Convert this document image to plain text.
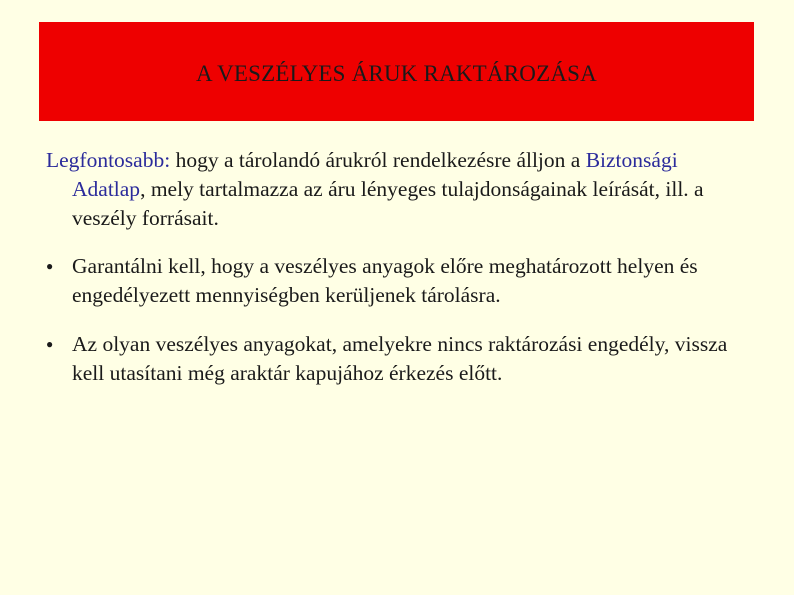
A VESZÉLYES ÁRUK RAKTÁROZÁSA

Legfontosabb: hogy a tárolandó árukról rendelkezésre álljon a Biztonsági Adatlap, mely tartalmazza az áru lényeges tulajdonságainak leírását, ill. a veszély forrásait.

● Garantálni kell, hogy a veszélyes anyagok előre meghatározott helyen és engedélyezett mennyiségben kerüljenek tárolásra.
● Az olyan veszélyes anyagokat, amelyekre nincs raktározási engedély, vissza kell utasítani még araktár kapujához érkezés előtt.
